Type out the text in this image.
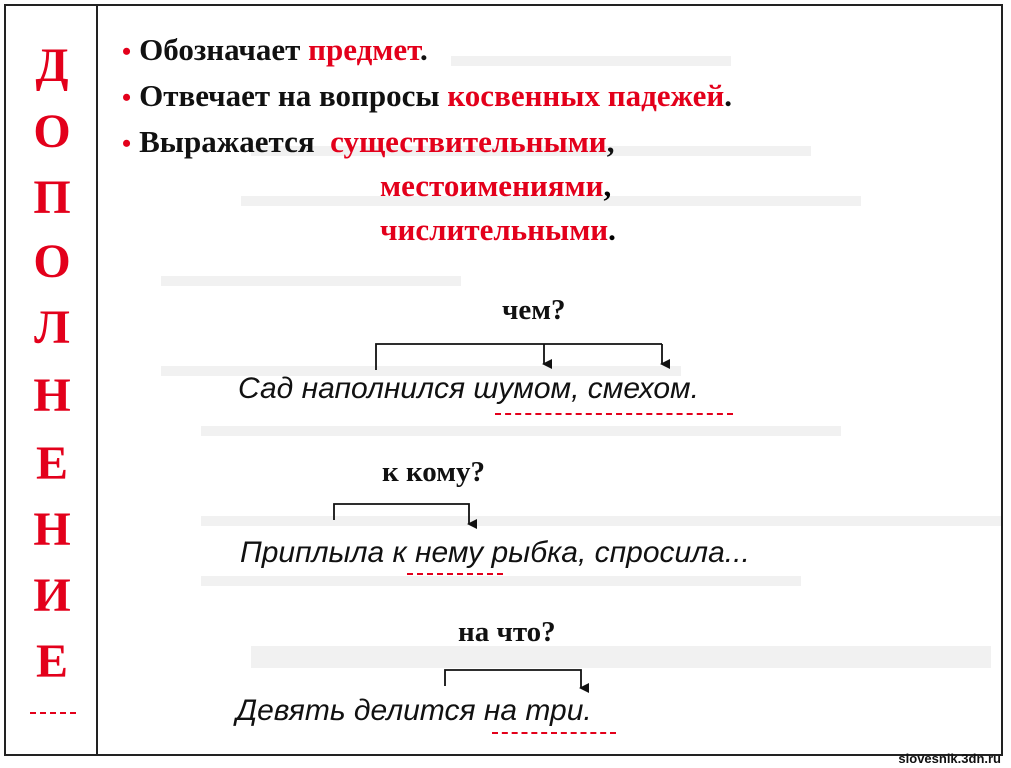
Д
О
П
О
Л
Н
Е
Н
И
Е
• Обозначает предмет.
• Отвечает на вопросы косвенных падежей.
• Выражается  существительными,
местоимениями,
числительными.
чем?
Сад наполнился шумом, смехом.
к кому?
Приплыла к нему рыбка, спросила...
на что?
Девять делится на три.
slovesnik.3dn.ru
